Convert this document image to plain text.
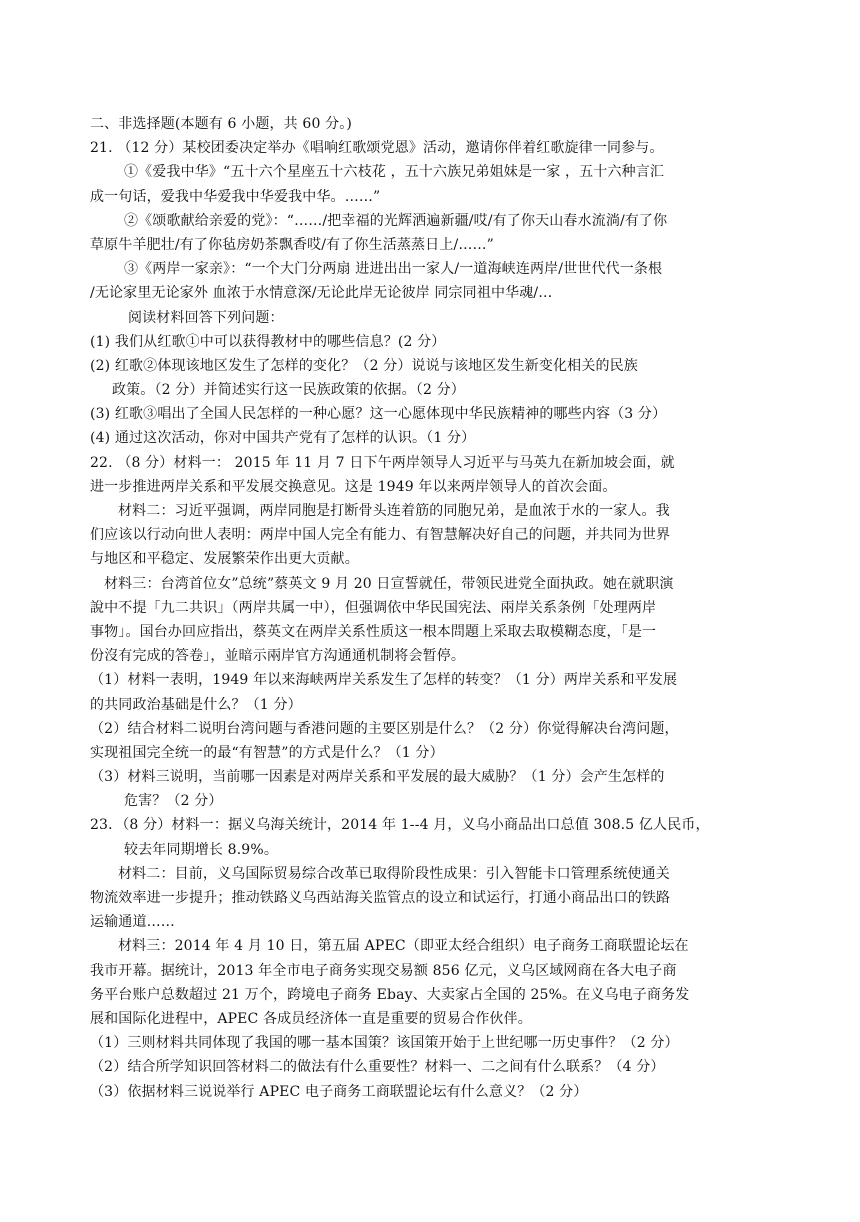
二、非选择题(本题有 6 小题，共 60 分。)
21. （12 分）某校团委决定举办《唱响红歌颂党恩》活动，邀请你伴着红歌旋律一同参与。
①《爱我中华》“五十六个星座五十六枝花 ，五十六族兄弟姐妹是一家 ，五十六种言汇
成一句话，爱我中华爱我中华爱我中华。……”
②《颂歌献给亲爱的党》：“……/把幸福的光辉洒遍新疆/哎/有了你天山春水流淌/有了你
草原牛羊肥壮/有了你毡房奶茶飘香哎/有了你生活蒸蒸日上/……”
③《两岸一家亲》：“一个大门分两扇 进进出出一家人/一道海峡连两岸/世世代代一条根
/无论家里无论家外 血浓于水情意深/无论此岸无论彼岸 同宗同祖中华魂/…
阅读材料回答下列问题：
(1) 我们从红歌①中可以获得教材中的哪些信息？(2 分）
(2) 红歌②体现该地区发生了怎样的变化？（2 分）说说与该地区发生新变化相关的民族
政策。（2 分）并简述实行这一民族政策的依据。（2 分）
(3) 红歌③唱出了全国人民怎样的一种心愿？这一心愿体现中华民族精神的哪些内容（3 分）
(4) 通过这次活动，你对中国共产党有了怎样的认识。（1 分）
22. （8 分）材料一： 2015 年 11 月 7 日下午两岸领导人习近平与马英九在新加坡会面，就
进一步推进两岸关系和平发展交换意见。这是 1949 年以来两岸领导人的首次会面。
材料二：习近平强调，两岸同胞是打断骨头连着筋的同胞兄弟，是血浓于水的一家人。我
们应该以行动向世人表明：两岸中国人完全有能力、有智慧解决好自己的问题，并共同为世界
与地区和平稳定、发展繁荣作出更大贡献。
材料三：台湾首位女”总统”蔡英文 9 月 20 日宣誓就任，带领民进党全面执政。她在就职演
說中不提「九二共识」（两岸共属一中），但强调依中华民国宪法、兩岸关系条例「处理两岸
事物」。国台办回应指出，蔡英文在两岸关系性质这一根本問題上采取去取模糊态度，「是一
份沒有完成的答卷」，並暗示兩岸官方沟通通机制将会暂停。
（1）材料一表明，1949 年以来海峡两岸关系发生了怎样的转变？（1 分）两岸关系和平发展
的共同政治基础是什么？（1 分）
（2）结合材料二说明台湾问题与香港问题的主要区别是什么？（2 分）你觉得解决台湾问题，
实现祖国完全统一的最“有智慧”的方式是什么？（1 分）
（3）材料三说明，当前哪一因素是对两岸关系和平发展的最大威胁？（1 分）会产生怎样的
危害？（2 分）
23．（8 分）材料一：据义乌海关统计，2014 年 1--4 月，义乌小商品出口总值 308.5 亿人民币，
较去年同期增长 8.9%。
材料二：目前，义乌国际贸易综合改革已取得阶段性成果：引入智能卡口管理系统使通关
物流效率进一步提升；推动铁路义乌西站海关监管点的设立和试运行，打通小商品出口的铁路
运输通道……
材料三：2014 年 4 月 10 日，第五届 APEC（即亚太经合组织）电子商务工商联盟论坛在
我市开幕。据统计，2013 年全市电子商务实现交易额 856 亿元，义乌区域网商在各大电子商
务平台账户总数超过 21 万个，跨境电子商务 Ebay、大卖家占全国的 25%。在义乌电子商务发
展和国际化进程中，APEC 各成员经济体一直是重要的贸易合作伙伴。
（1）三则材料共同体现了我国的哪一基本国策？该国策开始于上世纪哪一历史事件？（2 分）
（2）结合所学知识回答材料二的做法有什么重要性？材料一、二之间有什么联系？（4 分）
（3）依据材料三说说举行 APEC 电子商务工商联盟论坛有什么意义？（2 分）
